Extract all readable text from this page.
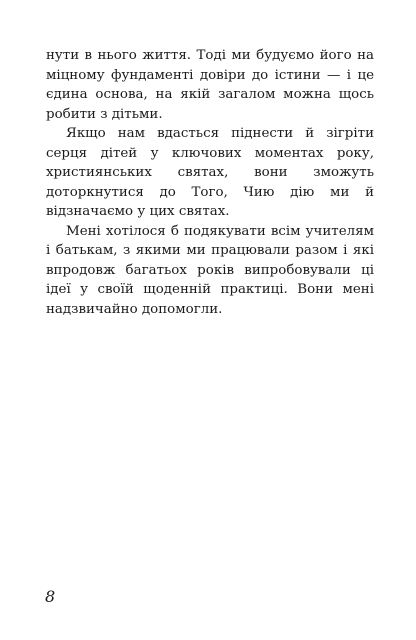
нути в нього життя. Тоді ми будуємо його на міцному фундаменті довіри до істини — і це єдина основа, на якій загалом можна щось робити з дітьми.

Якщо нам вдасться піднести й зігріти серця дітей у ключових моментах року, християнських святах, вони зможуть доторкнутися до Того, Чию дію ми й відзначаємо у цих святах.

Мені хотілося б подякувати всім учителям і батькам, з якими ми працювали разом і які впродовж багатьох років випробовували ці ідеї у своїй щоденній практиці. Вони мені надзвичайно допомогли.

8
